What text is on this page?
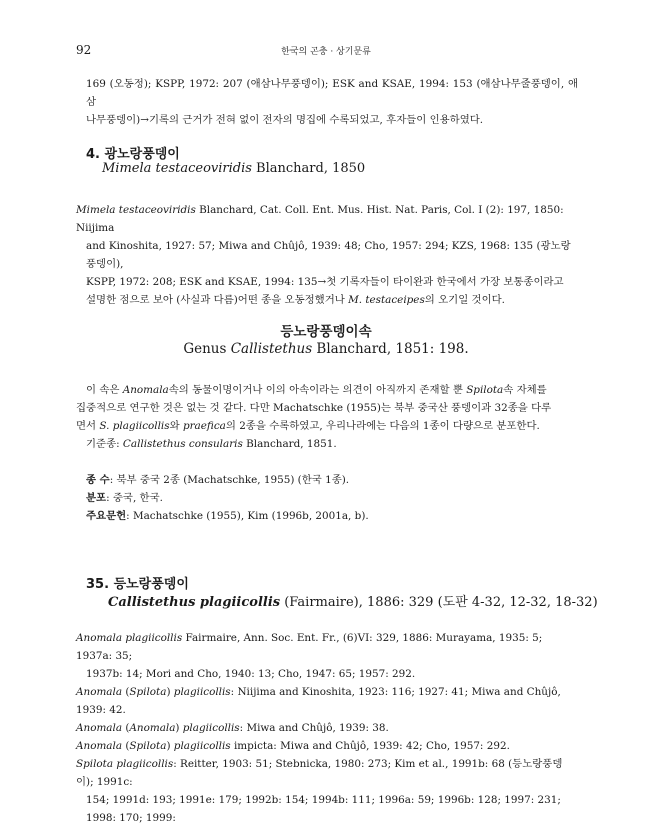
92	한국의 곤충 · 상기문류
169 (오동정); KSPP, 1972: 207 (애삼나무풍뎅이); ESK and KSAE, 1994: 153 (애삼나무줄풍뎅이, 애삼
나무풍뎅이)→기록의 근거가 전혀 없이 전자의 명집에 수록되었고, 후자들이 인용하였다.
4. 광노랑풍뎅이
Mimela testaceoviridis Blanchard, 1850
Mimela testaceoviridis Blanchard, Cat. Coll. Ent. Mus. Hist. Nat. Paris, Col. I (2): 197, 1850: Niijima
and Kinoshita, 1927: 57; Miwa and Chûjô, 1939: 48; Cho, 1957: 294; KZS, 1968: 135 (광노랑풍뎅이),
KSPP, 1972: 208; ESK and KSAE, 1994: 135→첫 기록자들이 타이완과 한국에서 가장 보통종이라고
설명한 점으로 보아 (사실과 다름)어떤 종을 오동정했거나 M. testaceipes의 오기일 것이다.
등노랑풍뎅이속
Genus Callistethus Blanchard, 1851: 198.
이 속은 Anomala속의 동물이명이거나 이의 아속이라는 의견이 아직까지 존재할 뿐 Spilota속 자체를
집중적으로 연구한 것은 없는 것 같다. 다만 Machatschke (1955)는 북부 중국산 풍뎅이과 32종을 다루
면서 S. plagiicollis와 praefica의 2종을 수록하였고, 우리나라에는 다음의 1종이 다량으로 분포한다.
기준종: Callistethus consularis Blanchard, 1851.
종 수: 북부 중국 2종 (Machatschke, 1955) (한국 1종).
분포: 중국, 한국.
주요문헌: Machatschke (1955), Kim (1996b, 2001a, b).
35. 등노랑풍뎅이
Callistethus plagiicollis (Fairmaire), 1886: 329 (도판 4-32, 12-32, 18-32)
Anomala plagiicollis Fairmaire, Ann. Soc. Ent. Fr., (6)VI: 329, 1886: Murayama, 1935: 5; 1937a: 35;
1937b: 14; Mori and Cho, 1940: 13; Cho, 1947: 65; 1957: 292.
Anomala (Spilota) plagiicollis: Niijima and Kinoshita, 1923: 116; 1927: 41; Miwa and Chûjô, 1939: 42.
Anomala (Anomala) plagiicollis: Miwa and Chûjô, 1939: 38.
Anomala (Spilota) plagiicollis impicta: Miwa and Chûjô, 1939: 42; Cho, 1957: 292.
Spilota plagiicollis: Reitter, 1903: 51; Stebnicka, 1980: 273; Kim et al., 1991b: 68 (등노랑풍뎅이); 1991c:
154; 1991d: 193; 1991e: 179; 1992b: 154; 1994b: 111; 1996a: 59; 1996b: 128; 1997: 231; 1998: 170; 1999:
